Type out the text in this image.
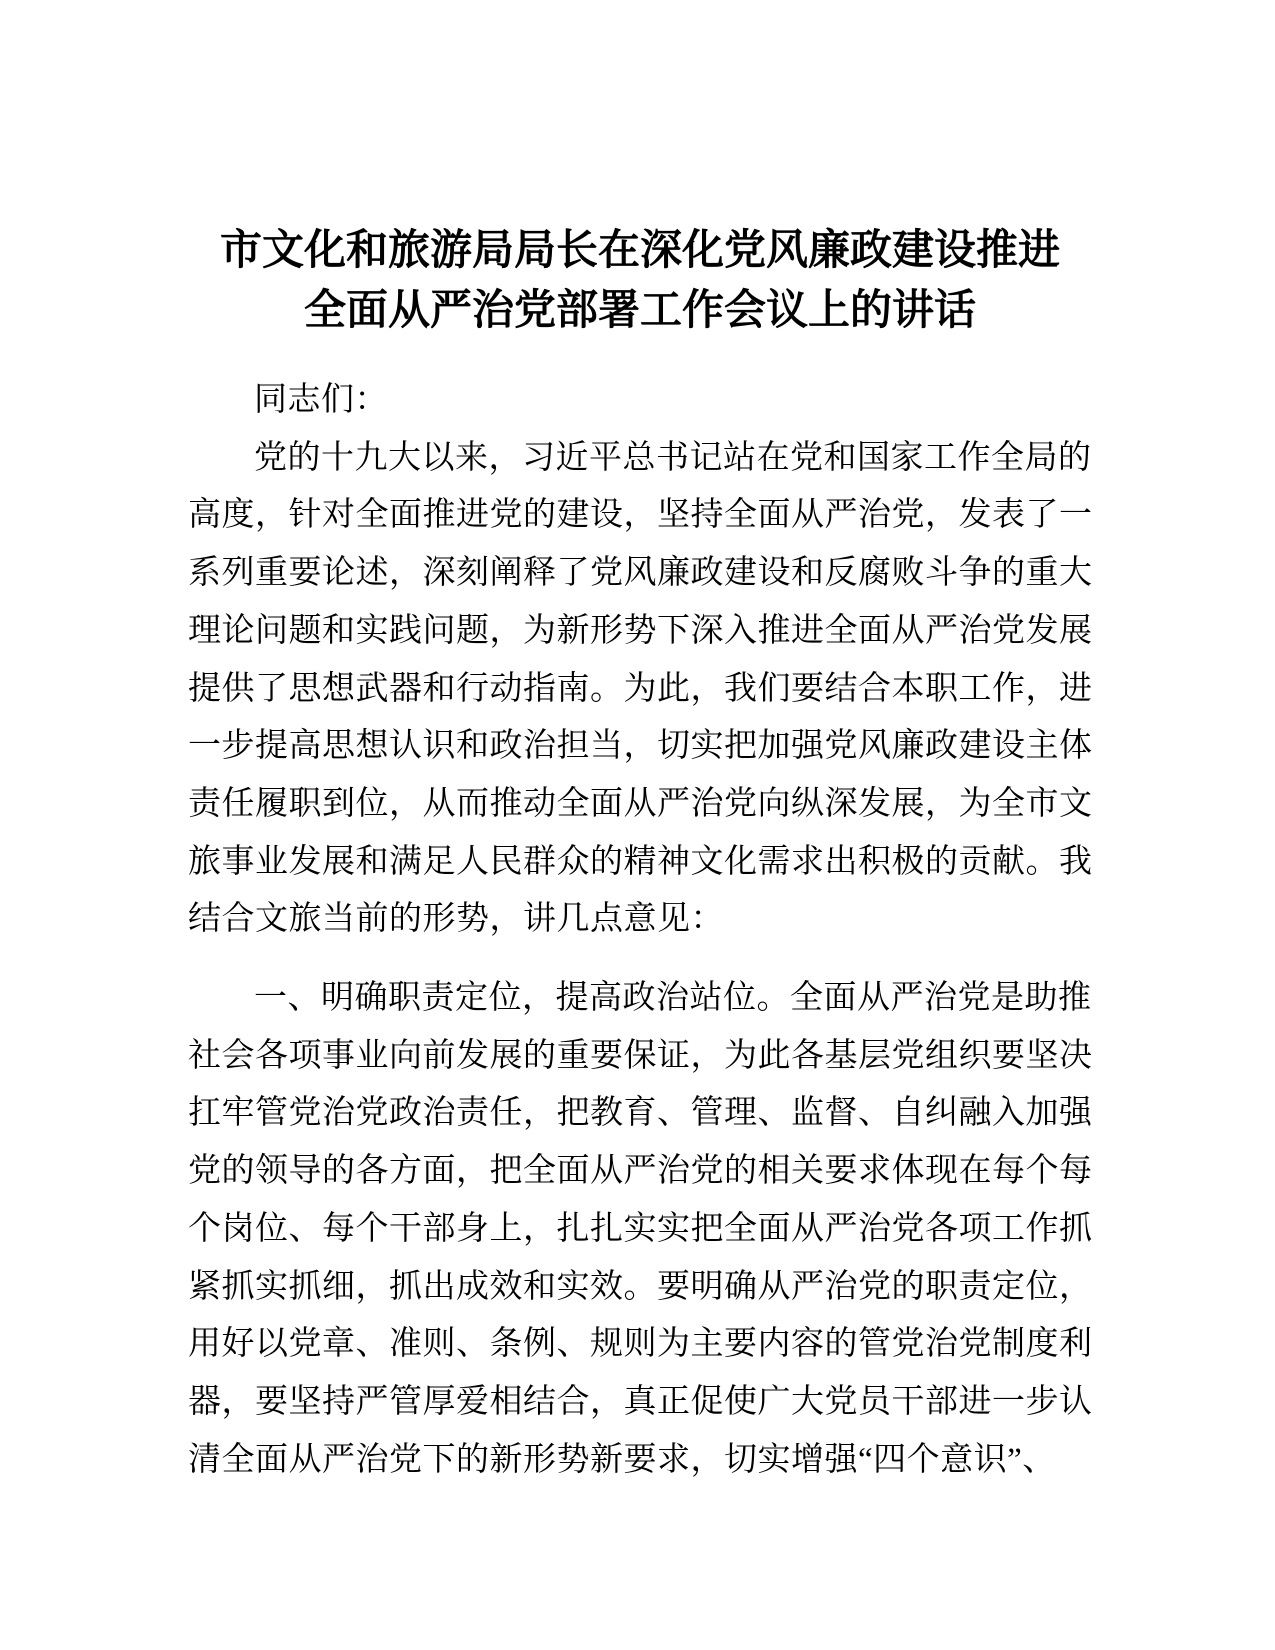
市文化和旅游局局长在深化党风廉政建设推进
全面从严治党部署工作会议上的讲话
同志们：
党的十九大以来，习近平总书记站在党和国家工作全局的
高度，针对全面推进党的建设，坚持全面从严治党，发表了一
系列重要论述，深刻阐释了党风廉政建设和反腐败斗争的重大
理论问题和实践问题，为新形势下深入推进全面从严治党发展
提供了思想武器和行动指南。为此，我们要结合本职工作，进
一步提高思想认识和政治担当，切实把加强党风廉政建设主体
责任履职到位，从而推动全面从严治党向纵深发展，为全市文
旅事业发展和满足人民群众的精神文化需求出积极的贡献。我
结合文旅当前的形势，讲几点意见：
一、明确职责定位，提高政治站位。全面从严治党是助推
社会各项事业向前发展的重要保证，为此各基层党组织要坚决
扛牢管党治党政治责任，把教育、管理、监督、自纠融入加强
党的领导的各方面，把全面从严治党的相关要求体现在每个每
个岗位、每个干部身上，扎扎实实把全面从严治党各项工作抓
紧抓实抓细，抓出成效和实效。要明确从严治党的职责定位，
用好以党章、准则、条例、规则为主要内容的管党治党制度利
器，要坚持严管厚爱相结合，真正促使广大党员干部进一步认
清全面从严治党下的新形势新要求，切实增强“四个意识”、
